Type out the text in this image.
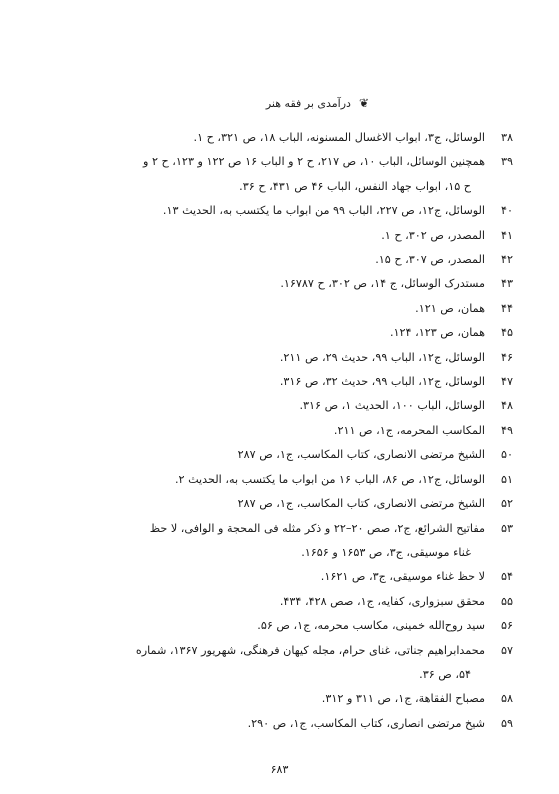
❦
درآمدی بر فقه هنر
۳۸
الوسائل، ج۳، ابواب الاغسال المسنونه، الباب ۱۸، ص ۳۲۱، ح ۱.
۳۹
همچنین الوسائل، الباب ۱۰، ص ۲۱۷، ح ۲ و الباب ۱۶ ص ۱۲۲ و ۱۲۳، ح ۲ و
ح ۱۵، ابواب جهاد النفس، الباب ۴۶ ص ۴۳۱، ح ۳۶.
۴۰
الوسائل، ج۱۲، ص ۲۲۷، الباب ۹۹ من ابواب ما یکتسب به، الحدیث ۱۳.
۴۱
المصدر، ص ۳۰۲، ح ۱.
۴۲
المصدر، ص ۳۰۷، ح ۱۵.
۴۳
مستدرک الوسائل، ج ۱۴، ص ۳۰۲، ح ۱۶۷۸۷.
۴۴
همان، ص ۱۲۱.
۴۵
همان، ص ۱۲۳، ۱۲۴.
۴۶
الوسائل، ج۱۲، الباب ۹۹، حدیث ۲۹، ص ۲۱۱.
۴۷
الوسائل، ج۱۲، الباب ۹۹، حدیث ۳۲، ص ۳۱۶.
۴۸
الوسائل، الباب ۱۰۰، الحدیث ۱، ص ۳۱۶.
۴۹
المکاسب المحرمه، ج۱، ص ۲۱۱.
۵۰
الشیخ مرتضی الانصاری، کتاب المکاسب، ج۱، ص ۲۸۷
۵۱
الوسائل، ج۱۲، ص ۸۶، الباب ۱۶ من ابواب ما یکتسب به، الحدیث ۲.
۵۲
الشیخ مرتضی الانصاری، کتاب المکاسب، ج۱، ص ۲۸۷
۵۳
مفاتیح الشرائع، ج۲، صص ۲۰–۲۲ و ذکر مثله فی المحجة و الوافی، لا حظ
غناء موسیقی، ج۳، ص ۱۶۵۳ و ۱۶۵۶.
۵۴
لا حظ غناء موسیقی، ج۳، ص ۱۶۲۱.
۵۵
محقق سبزواری، کفایه، ج۱، صص ۴۲۸، ۴۳۴.
۵۶
سید روح‌الله خمینی، مکاسب محرمه، ج۱، ص ۵۶.
۵۷
محمدابراهیم جناتی، غنای حرام، مجله کیهان فرهنگی، شهریور ۱۳۶۷، شماره
۵۴، ص ۳۶.
۵۸
مصباح الفقاهة، ج۱، ص ۳۱۱ و ۳۱۲.
۵۹
شیخ مرتضی انصاری، کتاب المکاسب، ج۱، ص ۲۹۰.
۶۸۳
